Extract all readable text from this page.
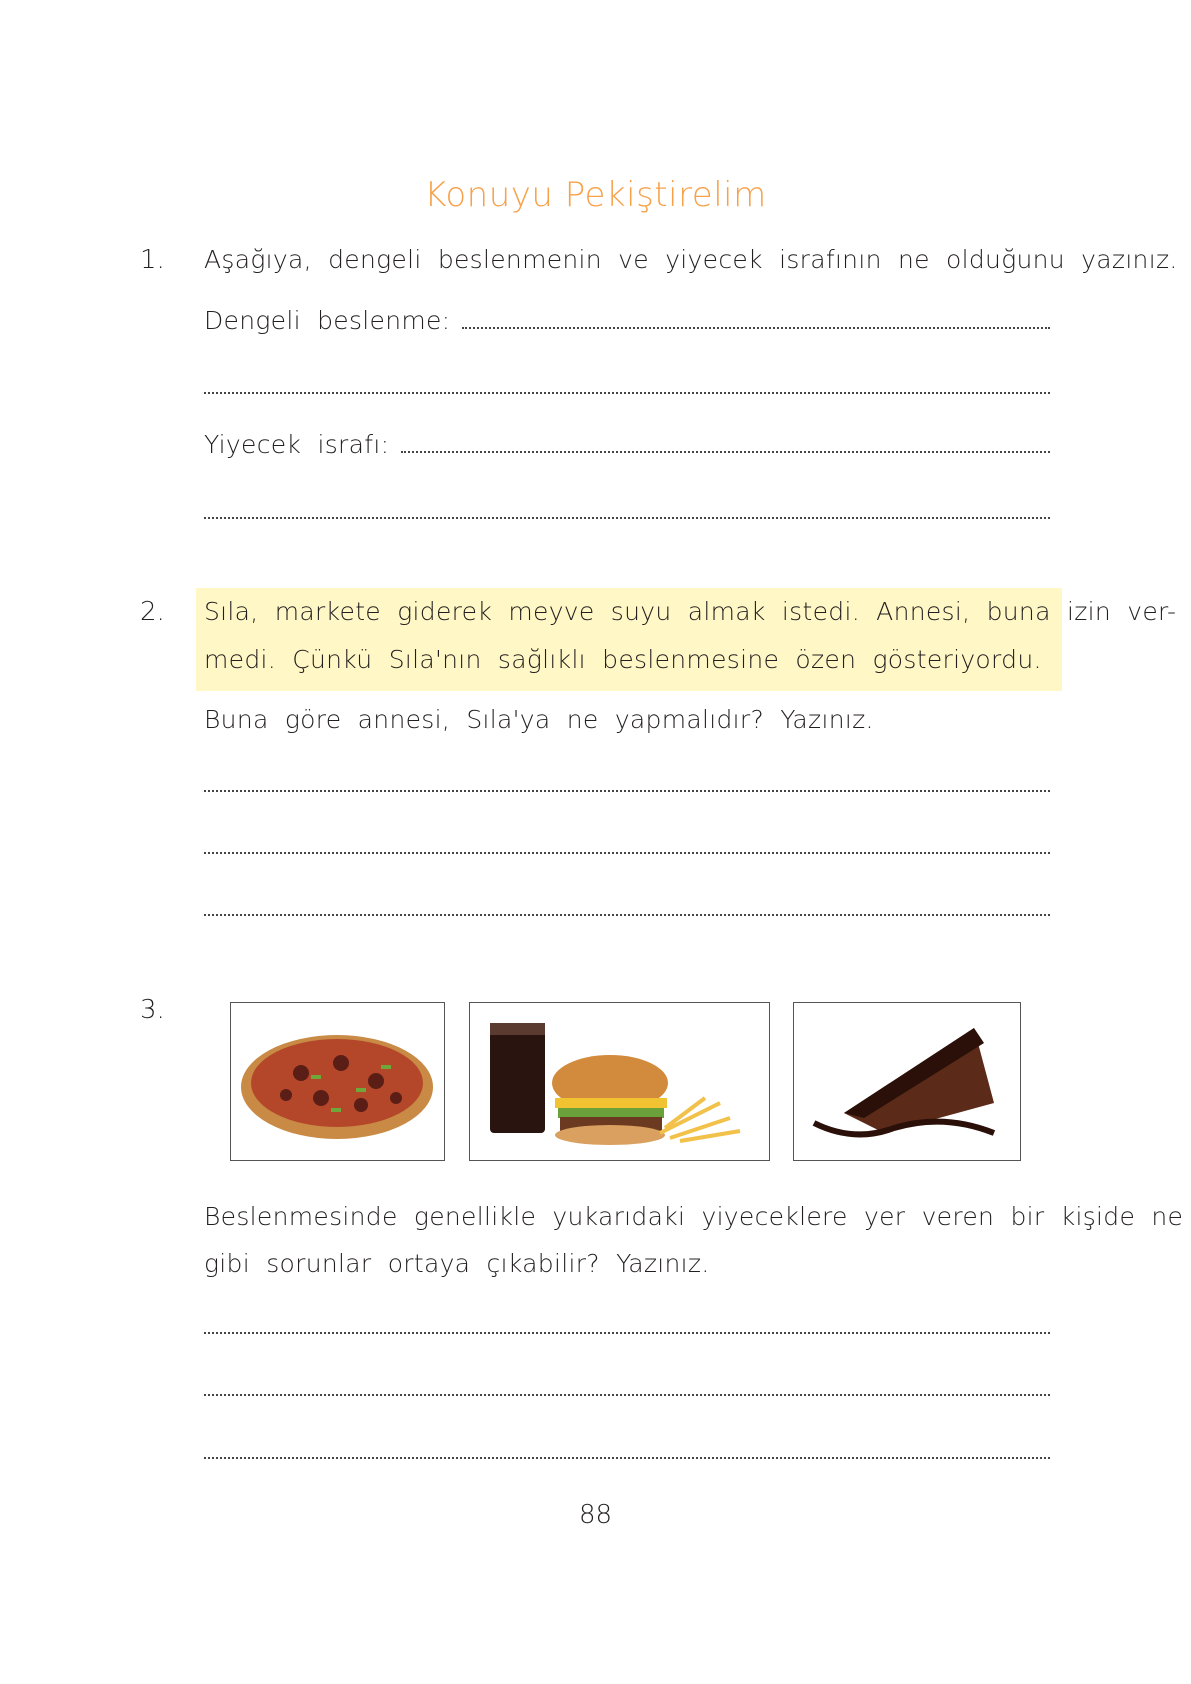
Konuyu Pekiştirelim
1. Aşağıya, dengeli beslenmenin ve yiyecek israfının ne olduğunu yazınız.
Dengeli beslenme:
Yiyecek israfı:
2. Sıla, markete giderek meyve suyu almak istedi. Annesi, buna izin ver-
medi. Çünkü Sıla'nın sağlıklı beslenmesine özen gösteriyordu.
Buna göre annesi, Sıla'ya ne yapmalıdır? Yazınız.
3.
Beslenmesinde genellikle yukarıdaki yiyeceklere yer veren bir kişide ne
gibi sorunlar ortaya çıkabilir? Yazınız.
88
